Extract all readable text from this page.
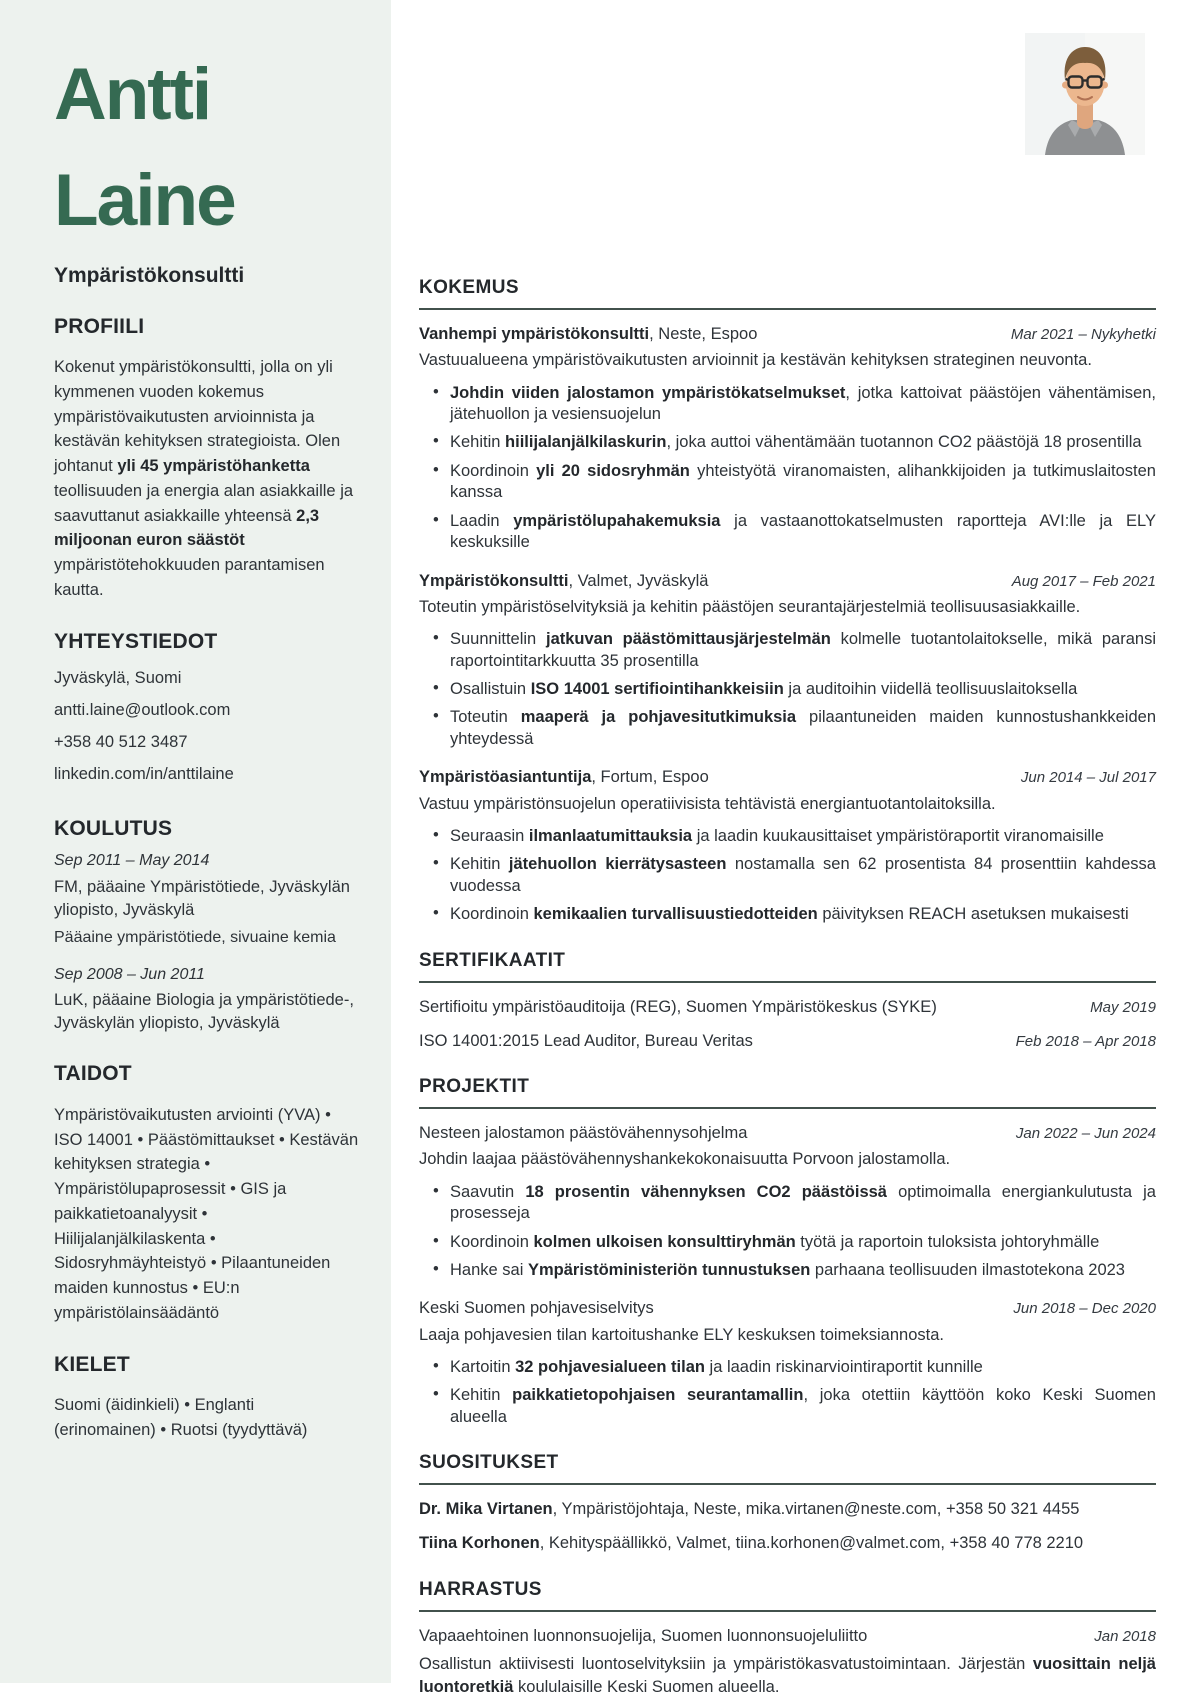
Antti
Laine
Ympäristökonsultti
PROFIILI

Kokenut ympäristökonsultti, jolla on yli kymmenen vuoden kokemus ympäristövaikutusten arvioinnista ja kestävän kehityksen strategioista. Olen johtanut yli 45 ympäristöhanketta teollisuuden ja energia alan asiakkaille ja saavuttanut asiakkaille yhteensä 2,3 miljoonan euron säästöt ympäristötehokkuuden parantamisen kautta.

YHTEYSTIEDOT
Jyväskylä, Suomi
antti.laine@outlook.com
+358 40 512 3487
linkedin.com/in/anttilaine
KOULUTUS
Sep 2011 – May 2014
FM, pääaine Ympäristötiede, Jyväskylän yliopisto, Jyväskylä
Pääaine ympäristötiede, sivuaine kemia
Sep 2008 – Jun 2011
LuK, pääaine Biologia ja ympäristötiede-, Jyväskylän yliopisto, Jyväskylä
TAIDOT

Ympäristövaikutusten arviointi (YVA) • ISO 14001 • Päästömittaukset • Kestävän kehityksen strategia • Ympäristölupaprosessit • GIS ja paikkatietoanalyysit • Hiilijalanjälkilaskenta • Sidosryhmäyhteistyö • Pilaantuneiden maiden kunnostus • EU:n ympäristölainsäädäntö

KIELET

Suomi (äidinkieli) • Englanti (erinomainen) • Ruotsi (tyydyttävä)

KOKEMUS
Vanhempi ympäristökonsultti, Neste, Espoo	Mar 2021 – Nykyhetki

Vastuualueena ympäristövaikutusten arvioinnit ja kestävän kehityksen strateginen neuvonta.

• Johdin viiden jalostamon ympäristökatselmukset, jotka kattoivat päästöjen vähentämisen, jätehuollon ja vesiensuojelun
• Kehitin hiilijalanjälkilaskurin, joka auttoi vähentämään tuotannon CO2 päästöjä 18 prosentilla
• Koordinoin yli 20 sidosryhmän yhteistyötä viranomaisten, alihankkijoiden ja tutkimuslaitosten kanssa
• Laadin ympäristölupahakemuksia ja vastaanottokatselmusten raportteja AVI:lle ja ELY keskuksille
Ympäristökonsultti, Valmet, Jyväskylä	Aug 2017 – Feb 2021

Toteutin ympäristöselvityksiä ja kehitin päästöjen seurantajärjestelmiä teollisuusasiakkaille.

• Suunnittelin jatkuvan päästömittausjärjestelmän kolmelle tuotantolaitokselle, mikä paransi raportointitarkkuutta 35 prosentilla
• Osallistuin ISO 14001 sertifiointihankkeisiin ja auditoihin viidellä teollisuuslaitoksella
• Toteutin maaperä ja pohjavesitutkimuksia pilaantuneiden maiden kunnostushankkeiden yhteydessä
Ympäristöasiantuntija, Fortum, Espoo	Jun 2014 – Jul 2017

Vastuu ympäristönsuojelun operatiivisista tehtävistä energiantuotantolaitoksilla.

• Seuraasin ilmanlaatumittauksia ja laadin kuukausittaiset ympäristöraportit viranomaisille
• Kehitin jätehuollon kierrätysasteen nostamalla sen 62 prosentista 84 prosenttiin kahdessa vuodessa
• Koordinoin kemikaalien turvallisuustiedotteiden päivityksen REACH asetuksen mukaisesti
SERTIFIKAATIT
Sertifioitu ympäristöauditoija (REG), Suomen Ympäristökeskus (SYKE)	May 2019
ISO 14001:2015 Lead Auditor, Bureau Veritas	Feb 2018 – Apr 2018
PROJEKTIT
Nesteen jalostamon päästövähennysohjelma	Jan 2022 – Jun 2024

Johdin laajaa päästövähennyshankekokonaisuutta Porvoon jalostamolla.

• Saavutin 18 prosentin vähennyksen CO2 päästöissä optimoimalla energiankulutusta ja prosesseja
• Koordinoin kolmen ulkoisen konsulttiryhmän työtä ja raportoin tuloksista johtoryhmälle
• Hanke sai Ympäristöministeriön tunnustuksen parhaana teollisuuden ilmastotekona 2023
Keski Suomen pohjavesiselvitys	Jun 2018 – Dec 2020

Laaja pohjavesien tilan kartoitushanke ELY keskuksen toimeksiannosta.

• Kartoitin 32 pohjavesialueen tilan ja laadin riskinarviointiraportit kunnille
• Kehitin paikkatietopohjaisen seurantamallin, joka otettiin käyttöön koko Keski Suomen alueella
SUOSITUKSET

Dr. Mika Virtanen, Ympäristöjohtaja, Neste, mika.virtanen@neste.com, +358 50 321 4455

Tiina Korhonen, Kehityspäällikkö, Valmet, tiina.korhonen@valmet.com, +358 40 778 2210

HARRASTUS
Vapaaehtoinen luonnonsuojelija, Suomen luonnonsuojeluliitto	Jan 2018

Osallistun aktiivisesti luontoselvityksiin ja ympäristökasvatustoimintaan. Järjestän vuosittain neljä luontoretkiä koululaisille Keski Suomen alueella.
